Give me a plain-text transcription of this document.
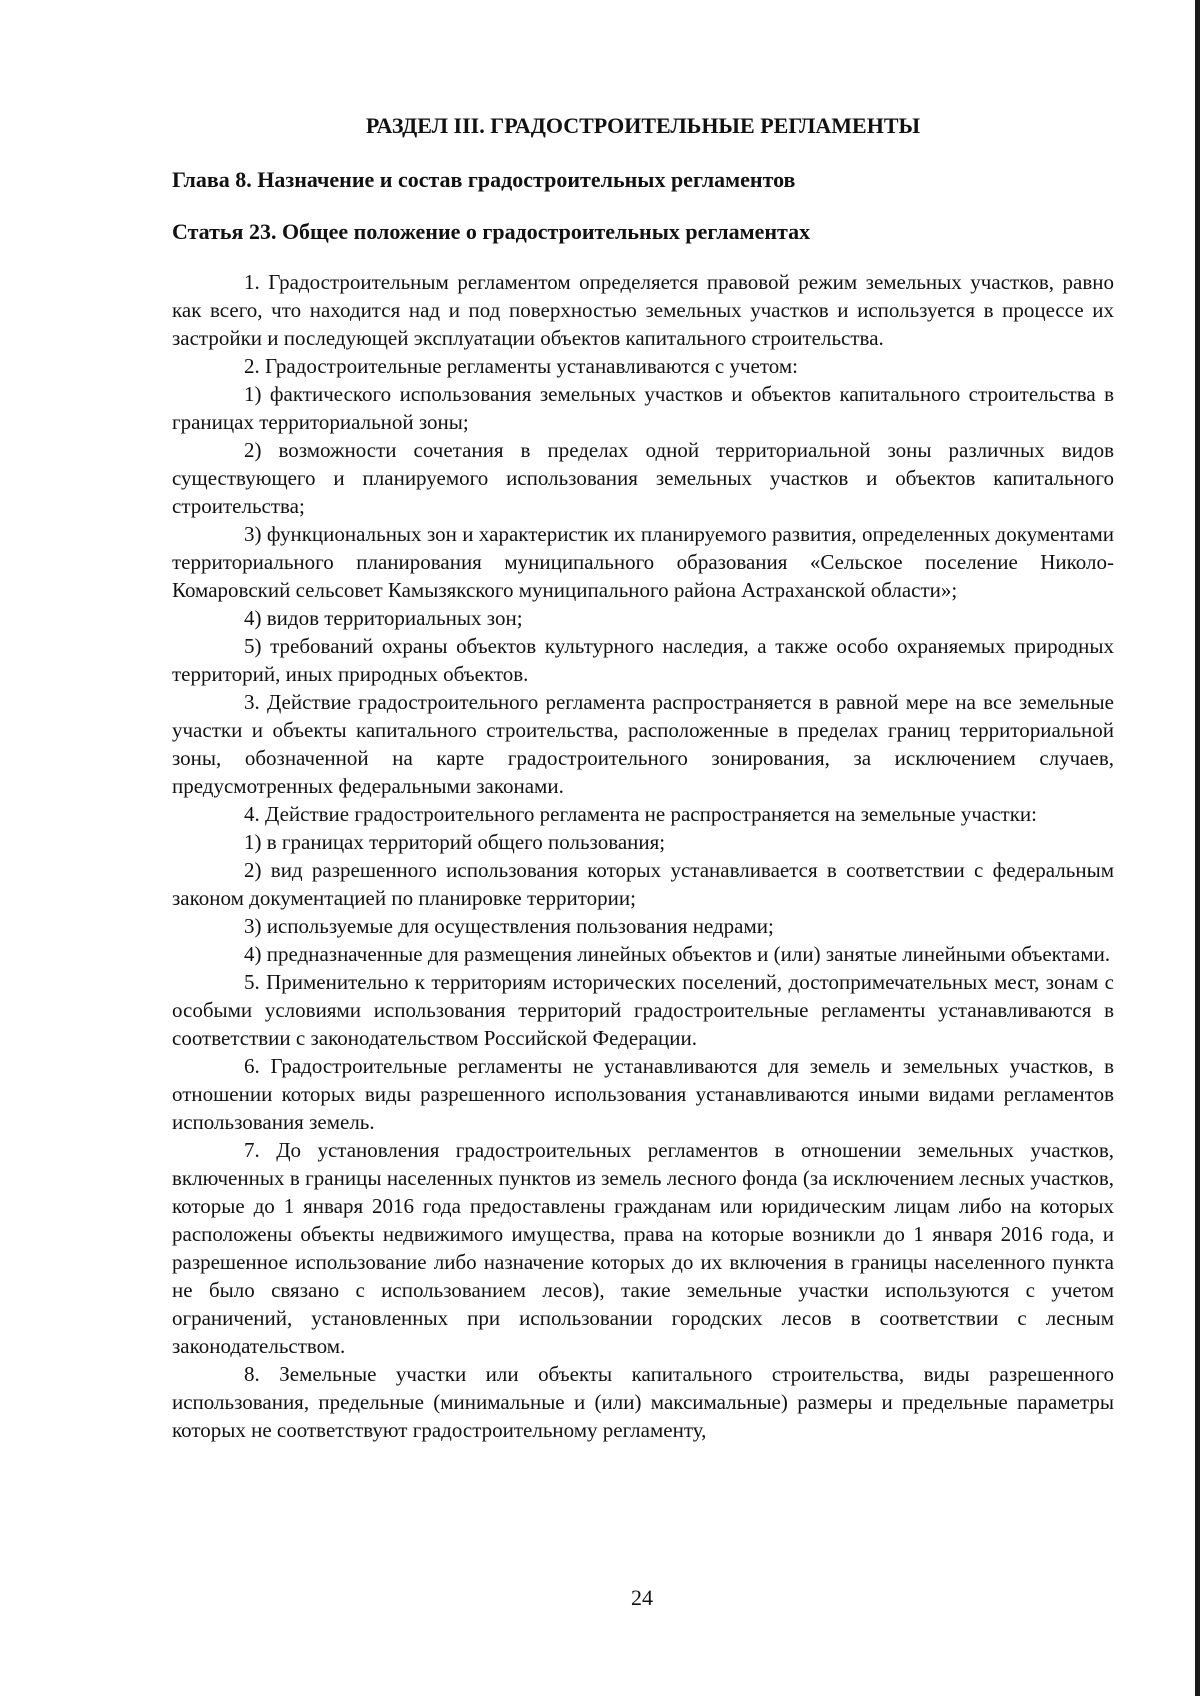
РАЗДЕЛ III. ГРАДОСТРОИТЕЛЬНЫЕ РЕГЛАМЕНТЫ
Глава 8. Назначение и состав градостроительных регламентов
Статья 23. Общее положение о градостроительных регламентах

1. Градостроительным регламентом определяется правовой режим земельных участков, равно как всего, что находится над и под поверхностью земельных участков и используется в процессе их застройки и последующей эксплуатации объектов капитального строительства.

2. Градостроительные регламенты устанавливаются с учетом:

1) фактического использования земельных участков и объектов капитального строительства в границах территориальной зоны;

2) возможности сочетания в пределах одной территориальной зоны различных видов существующего и планируемого использования земельных участков и объектов капитального строительства;

3) функциональных зон и характеристик их планируемого развития, определенных документами территориального планирования муниципального образования «Сельское поселение Николо-Комаровский сельсовет Камызякского муниципального района Астраханской области»;

4) видов территориальных зон;

5) требований охраны объектов культурного наследия, а также особо охраняемых природных территорий, иных природных объектов.

3. Действие градостроительного регламента распространяется в равной мере на все земельные участки и объекты капитального строительства, расположенные в пределах границ территориальной зоны, обозначенной на карте градостроительного зонирования, за исключением случаев, предусмотренных федеральными законами.

4. Действие градостроительного регламента не распространяется на земельные участки:

1) в границах территорий общего пользования;

2) вид разрешенного использования которых устанавливается в соответствии с федеральным законом документацией по планировке территории;

3) используемые для осуществления пользования недрами;

4) предназначенные для размещения линейных объектов и (или) занятые линейными объектами.

5. Применительно к территориям исторических поселений, достопримечательных мест, зонам с особыми условиями использования территорий градостроительные регламенты устанавливаются в соответствии с законодательством Российской Федерации.

6. Градостроительные регламенты не устанавливаются для земель и земельных участков, в отношении которых виды разрешенного использования устанавливаются иными видами регламентов использования земель.

7. До установления градостроительных регламентов в отношении земельных участков, включенных в границы населенных пунктов из земель лесного фонда (за исключением лесных участков, которые до 1 января 2016 года предоставлены гражданам или юридическим лицам либо на которых расположены объекты недвижимого имущества, права на которые возникли до 1 января 2016 года, и разрешенное использование либо назначение которых до их включения в границы населенного пункта не было связано с использованием лесов), такие земельные участки используются с учетом ограничений, установленных при использовании городских лесов в соответствии с лесным законодательством.

8. Земельные участки или объекты капитального строительства, виды разрешенного использования, предельные (минимальные и (или) максимальные) размеры и предельные параметры которых не соответствуют градостроительному регламенту,

24
